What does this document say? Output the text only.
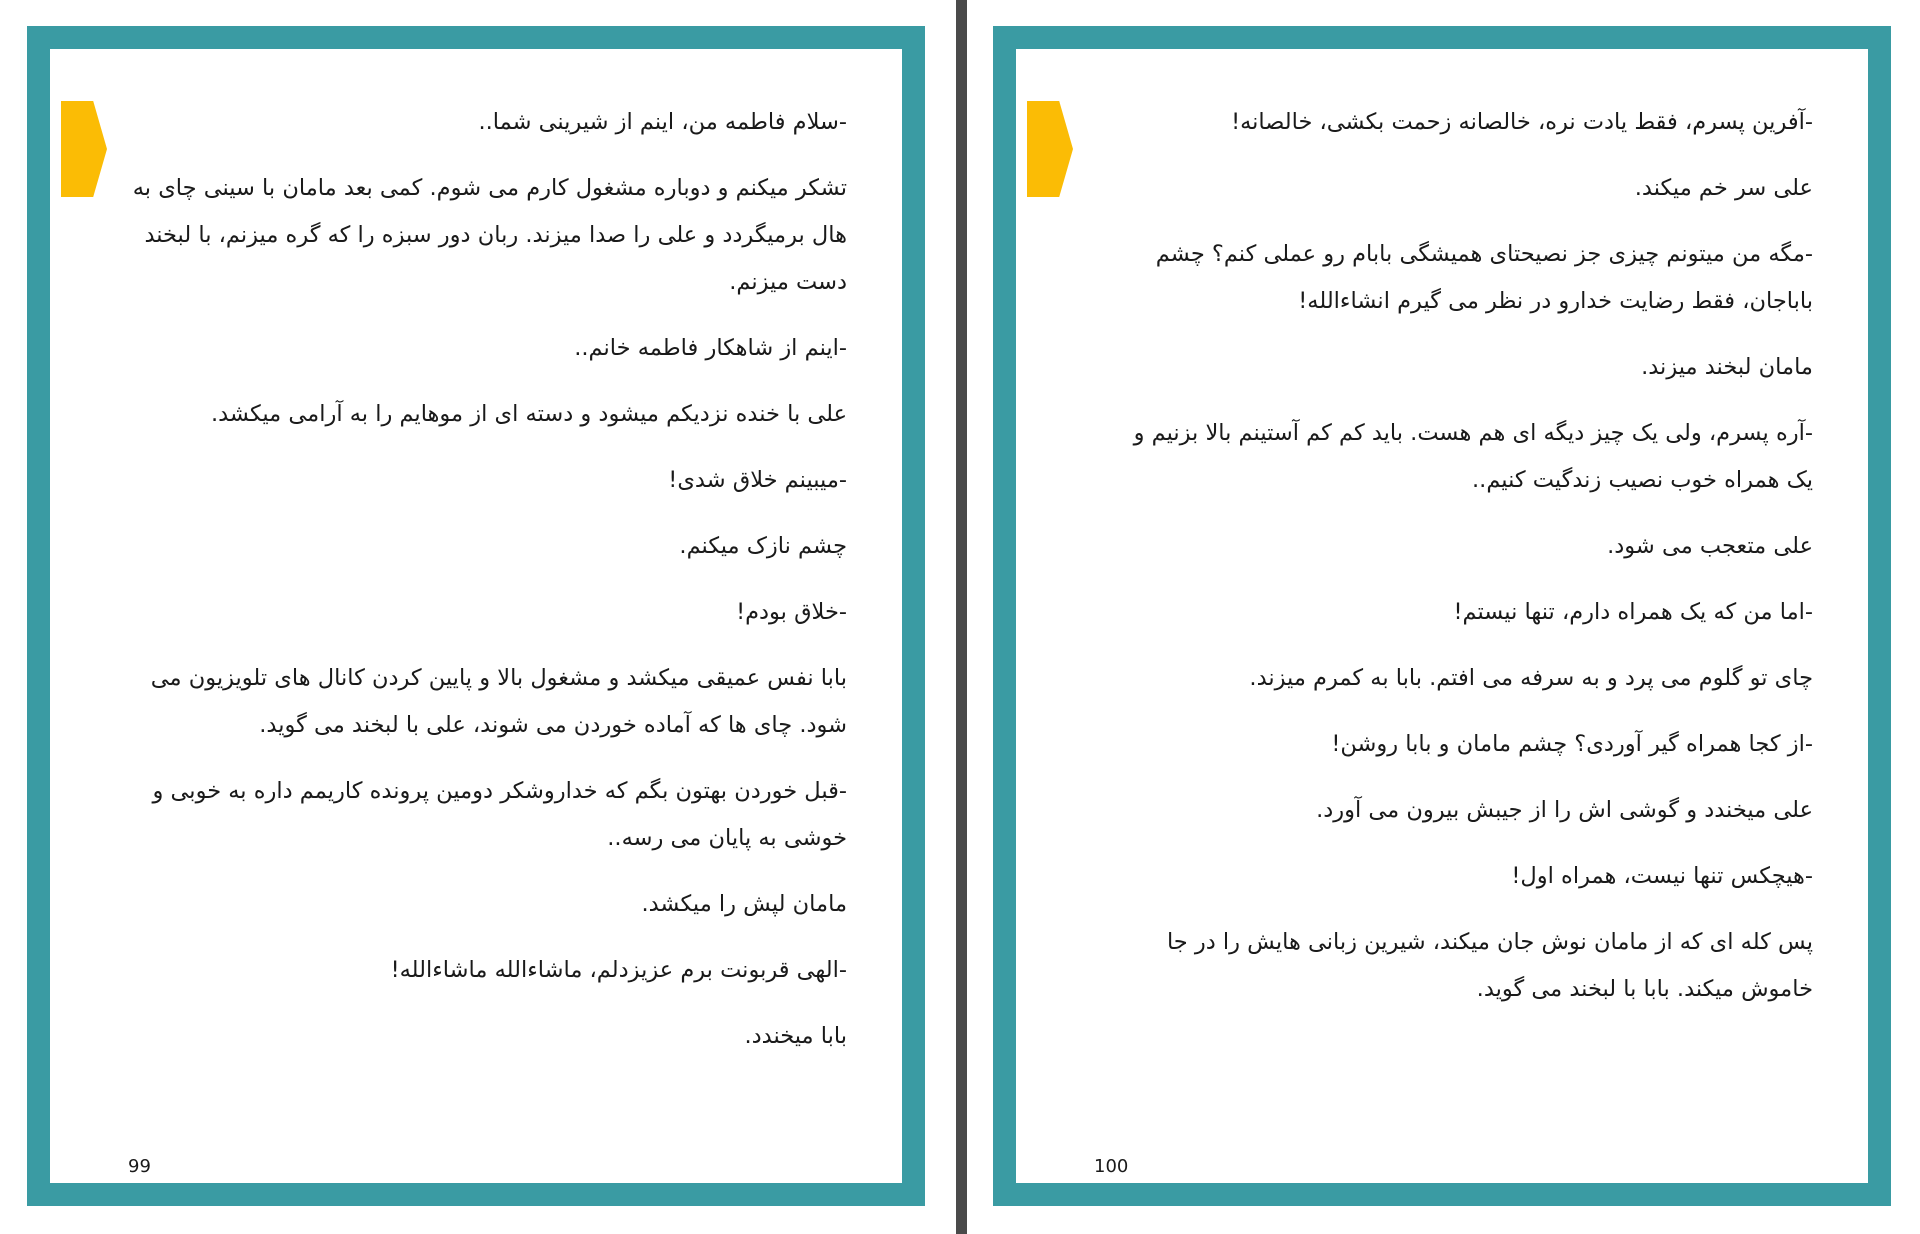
-سلام فاطمه من، اینم از شیرینی شما..

تشکر میکنم و دوباره مشغول کارم می شوم. کمی بعد مامان با سینی چای به هال برمیگردد و علی را صدا میزند. ربان دور سبزه را که گره میزنم، با لبخند دست میزنم.

-اینم از شاهکار فاطمه خانم..

علی با خنده نزدیکم میشود و دسته ای از موهایم را به آرامی میکشد.

-میبینم خلاق شدی!

چشم نازک میکنم.

-خلاق بودم!

بابا نفس عمیقی میکشد و مشغول بالا و پایین کردن کانال های تلویزیون می شود. چای ها که آماده خوردن می شوند، علی با لبخند می گوید.

-قبل خوردن بهتون بگم که خداروشکر دومین پرونده کاریمم داره به خوبی و خوشی به پایان می رسه..

مامان لپش را میکشد.

-الهی قربونت برم عزیزدلم، ماشاءالله ماشاءالله!

بابا میخندد.

99

-آفرین پسرم، فقط یادت نره، خالصانه زحمت بکشی، خالصانه!

علی سر خم میکند.

-مگه من میتونم چیزی جز نصیحتای همیشگی بابام رو عملی کنم؟ چشم باباجان، فقط رضایت خدارو در نظر می گیرم انشاءالله!

مامان لبخند میزند.

-آره پسرم، ولی یک چیز دیگه ای هم هست. باید کم کم آستینم بالا بزنیم و یک همراه خوب نصیب زندگیت کنیم..

علی متعجب می شود.

-اما من که یک همراه دارم، تنها نیستم!

چای تو گلوم می پرد و به سرفه می افتم. بابا به کمرم میزند.

-از کجا همراه گیر آوردی؟ چشم مامان و بابا روشن!

علی میخندد و گوشی اش را از جیبش بیرون می آورد.

-هیچکس تنها نیست، همراه اول!

پس کله ای که از مامان نوش جان میکند، شیرین زبانی هایش را در جا خاموش میکند. بابا با لبخند می گوید.

100
